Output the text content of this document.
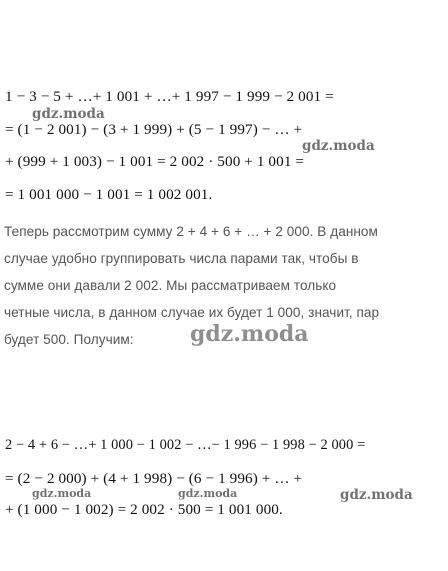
1 − 3 − 5 + …+ 1 001 + …+ 1 997 − 1 999 − 2 001 =
= (1 − 2 001) − (3 + 1 999) + (5 − 1 997) − … +
+ (999 + 1 003) − 1 001 = 2 002 · 500 + 1 001 =
= 1 001 000 − 1 001 = 1 002 001.
Теперь рассмотрим сумму 2 + 4 + 6 + … + 2 000. В данном
случае удобно группировать числа парами так, чтобы в
сумме они давали 2 002. Мы рассматриваем только
четные числа, в данном случае их будет 1 000, значит, пар
будет 500. Получим:
2 − 4 + 6 − …+ 1 000 − 1 002 − …− 1 996 − 1 998 − 2 000 =
= (2 − 2 000) + (4 + 1 998) − (6 − 1 996) + … +
+ (1 000 − 1 002) = 2 002 · 500 = 1 001 000.
gdz.moda
gdz.moda
gdz.moda
gdz.moda	gdz.moda	gdz.moda
